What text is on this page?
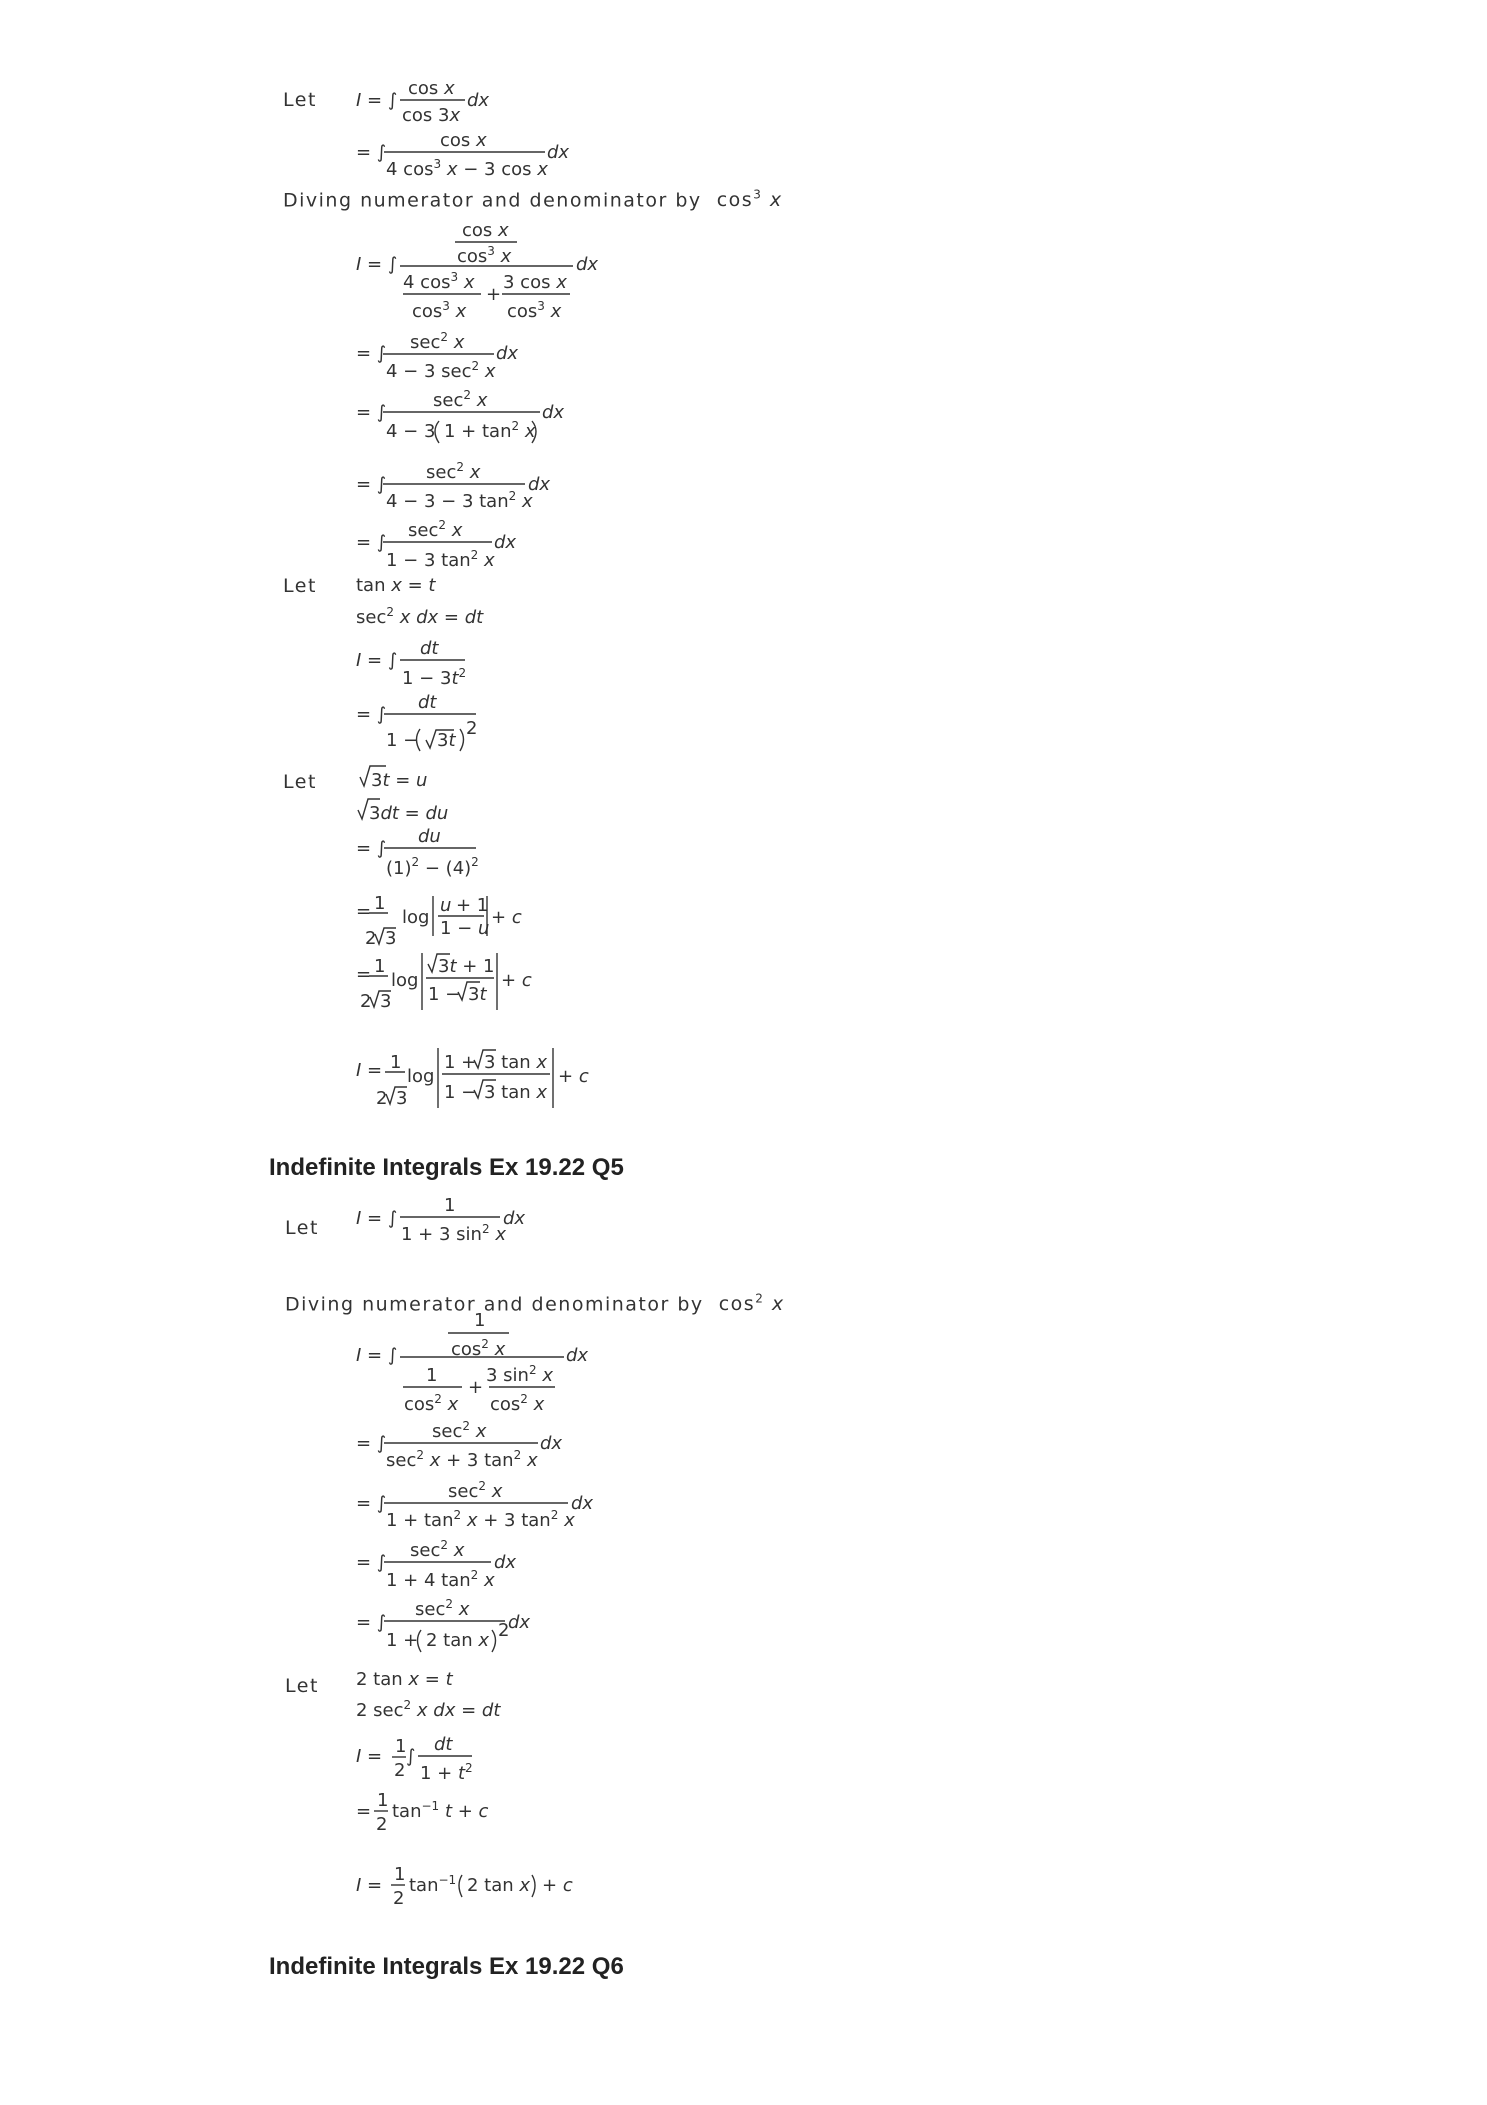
Let
Diving numerator and denominator by $\cos^3 x$
Let
Let
Indefinite Integrals Ex 19.22 Q5
Let
Diving numerator and denominator by $\cos^2 x$
Let
Indefinite Integrals Ex 19.22 Q6
I = ∫
cos x
cos 3x
dx
= ∫
cos x
4 $\cos^3 x - 3$ cos x
dx
I = ∫
cos x
$\cos^3 x$
4 $\cos^3 x$
$\cos^3 x$
+
3 cos x
$\cos^3 x$
dx
= ∫
$\sec^2 x$
4 − 3 $\sec^2 x$
dx
= ∫
$\sec^2 x$
4 − 3 $1 + \tan^2 x$
dx
= ∫
$\sec^2 x$
4 − 3 − 3 $\tan^2 x$
dx
= ∫
$\sec^2 x$
1 − 3 $\tan^2 x$
dx
tan x = t
$\sec^2 x$ dx = dt
I = ∫
dt
$1 - 3t^2$
= ∫
dt
1 − 3t
2
3t = u
3dt = du
= ∫
du
$(1)^2 - (4)^2$
= 1
2 3
log
u + 1
1 − u
+ c
= 1
2 3
log
3t + 1
1 − 3t
+ c
I = 1
2 3
log
1 + 3 tan x
1 − 3 tan x
+ c
I = ∫
1
1 + 3 $\sin^2 x$
dx
I = ∫
1
$\cos^2 x$
1
$\cos^2 x$
+
3 $\sin^2 x$
$\cos^2 x$
dx
= ∫
$\sec^2 x$
$\sec^2 x + 3$ $\tan^2 x$
dx
= ∫
$\sec^2 x$
$1 + \tan^2 x + 3$ $\tan^2 x$
dx
= ∫
$\sec^2 x$
1 + 4 $\tan^2 x$
dx
= ∫
$\sec^2 x$
1 + 2 tan x 2
dx
2 tan x = t
2 $\sec^2 x$ dx = dt
I = 1
2
∫
dt
$1 + t^2$
=
1
2
$\tan^{-1} t + c$
I =
1
2
$\tan^{-1} 2$ tan x + c
